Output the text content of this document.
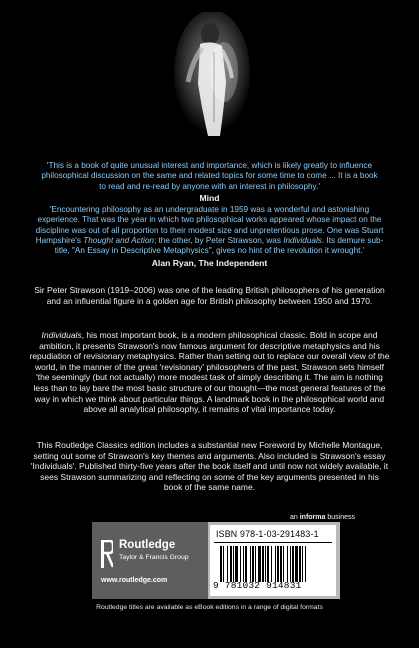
'This is a book of quite unusual interest and importance, which is likely greatly to influence philosophical discussion on the same and related topics for some time to come ... It is a book to read and re-read by anyone with an interest in philosophy.'
Mind
'Encountering philosophy as an undergraduate in 1959 was a wonderful and astonishing experience. That was the year in which two philosophical works appeared whose impact on the discipline was out of all proportion to their modest size and unpretentious prose. One was Stuart Hampshire's Thought and Action; the other, by Peter Strawson, was Individuals. Its demure sub-title, "An Essay in Descriptive Metaphysics", gives no hint of the revolution it wrought.'
Alan Ryan, The Independent
Sir Peter Strawson (1919–2006) was one of the leading British philosophers of his generation and an influential figure in a golden age for British philosophy between 1950 and 1970.
Individuals, his most important book, is a modern philosophical classic. Bold in scope and ambition, it presents Strawson's now famous argument for descriptive metaphysics and his repudiation of revisionary metaphysics. Rather than setting out to replace our overall view of the world, in the manner of the great 'revisionary' philosophers of the past, Strawson sets himself 'the seemingly (but not actually) more modest task of simply describing it. The aim is nothing less than to lay bare the most basic structure of our thought—the most general features of the way in which we think about particular things. A landmark book in the philosophical world and above all analytical philosophy, it remains of vital importance today.
This Routledge Classics edition includes a substantial new Foreword by Michelle Montague, setting out some of Strawson's key themes and arguments. Also included is Strawson's essay 'Individuals'. Published thirty-five years after the book itself and until now not widely available, it sees Strawson summarizing and reflecting on some of the key arguments presented in his book of the same name.
an informa business
Routledge
Taylor & Francis Group
www.routledge.com
ISBN 978-1-03-291483-1
9 781032 914831
Routledge titles are available as eBook editions in a range of digital formats
